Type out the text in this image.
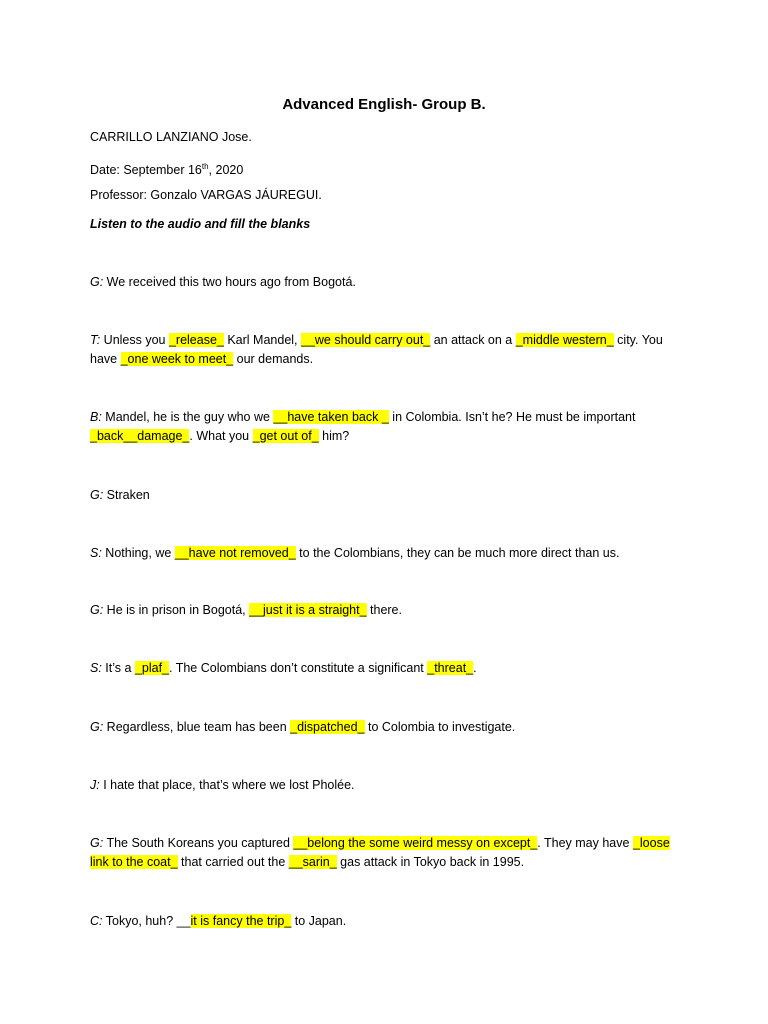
Advanced English- Group B.
CARRILLO LANZIANO Jose.
Date: September 16th, 2020
Professor: Gonzalo VARGAS JÁUREGUI.
Listen to the audio and fill the blanks
G: We received this two hours ago from Bogotá.
T: Unless you _release_ Karl Mandel, __we should carry out_ an attack on a _middle western_ city. You
have _one week to meet_ our demands.
B: Mandel, he is the guy who we __have taken back _ in Colombia. Isn’t he? He must be important
_back__damage_. What you _get out of_ him?
G: Straken
S: Nothing, we __have not removed_ to the Colombians, they can be much more direct than us.
G: He is in prison in Bogotá, __just it is a straight_ there.
S: It’s a _plaf_. The Colombians don’t constitute a significant _threat_.
G: Regardless, blue team has been _dispatched_ to Colombia to investigate.
J: I hate that place, that’s where we lost Pholée.
G: The South Koreans you captured __belong the some weird messy on except_. They may have _loose
link to the coat_ that carried out the __sarin_ gas attack in Tokyo back in 1995.
C: Tokyo, huh? __it is fancy the trip_ to Japan.
